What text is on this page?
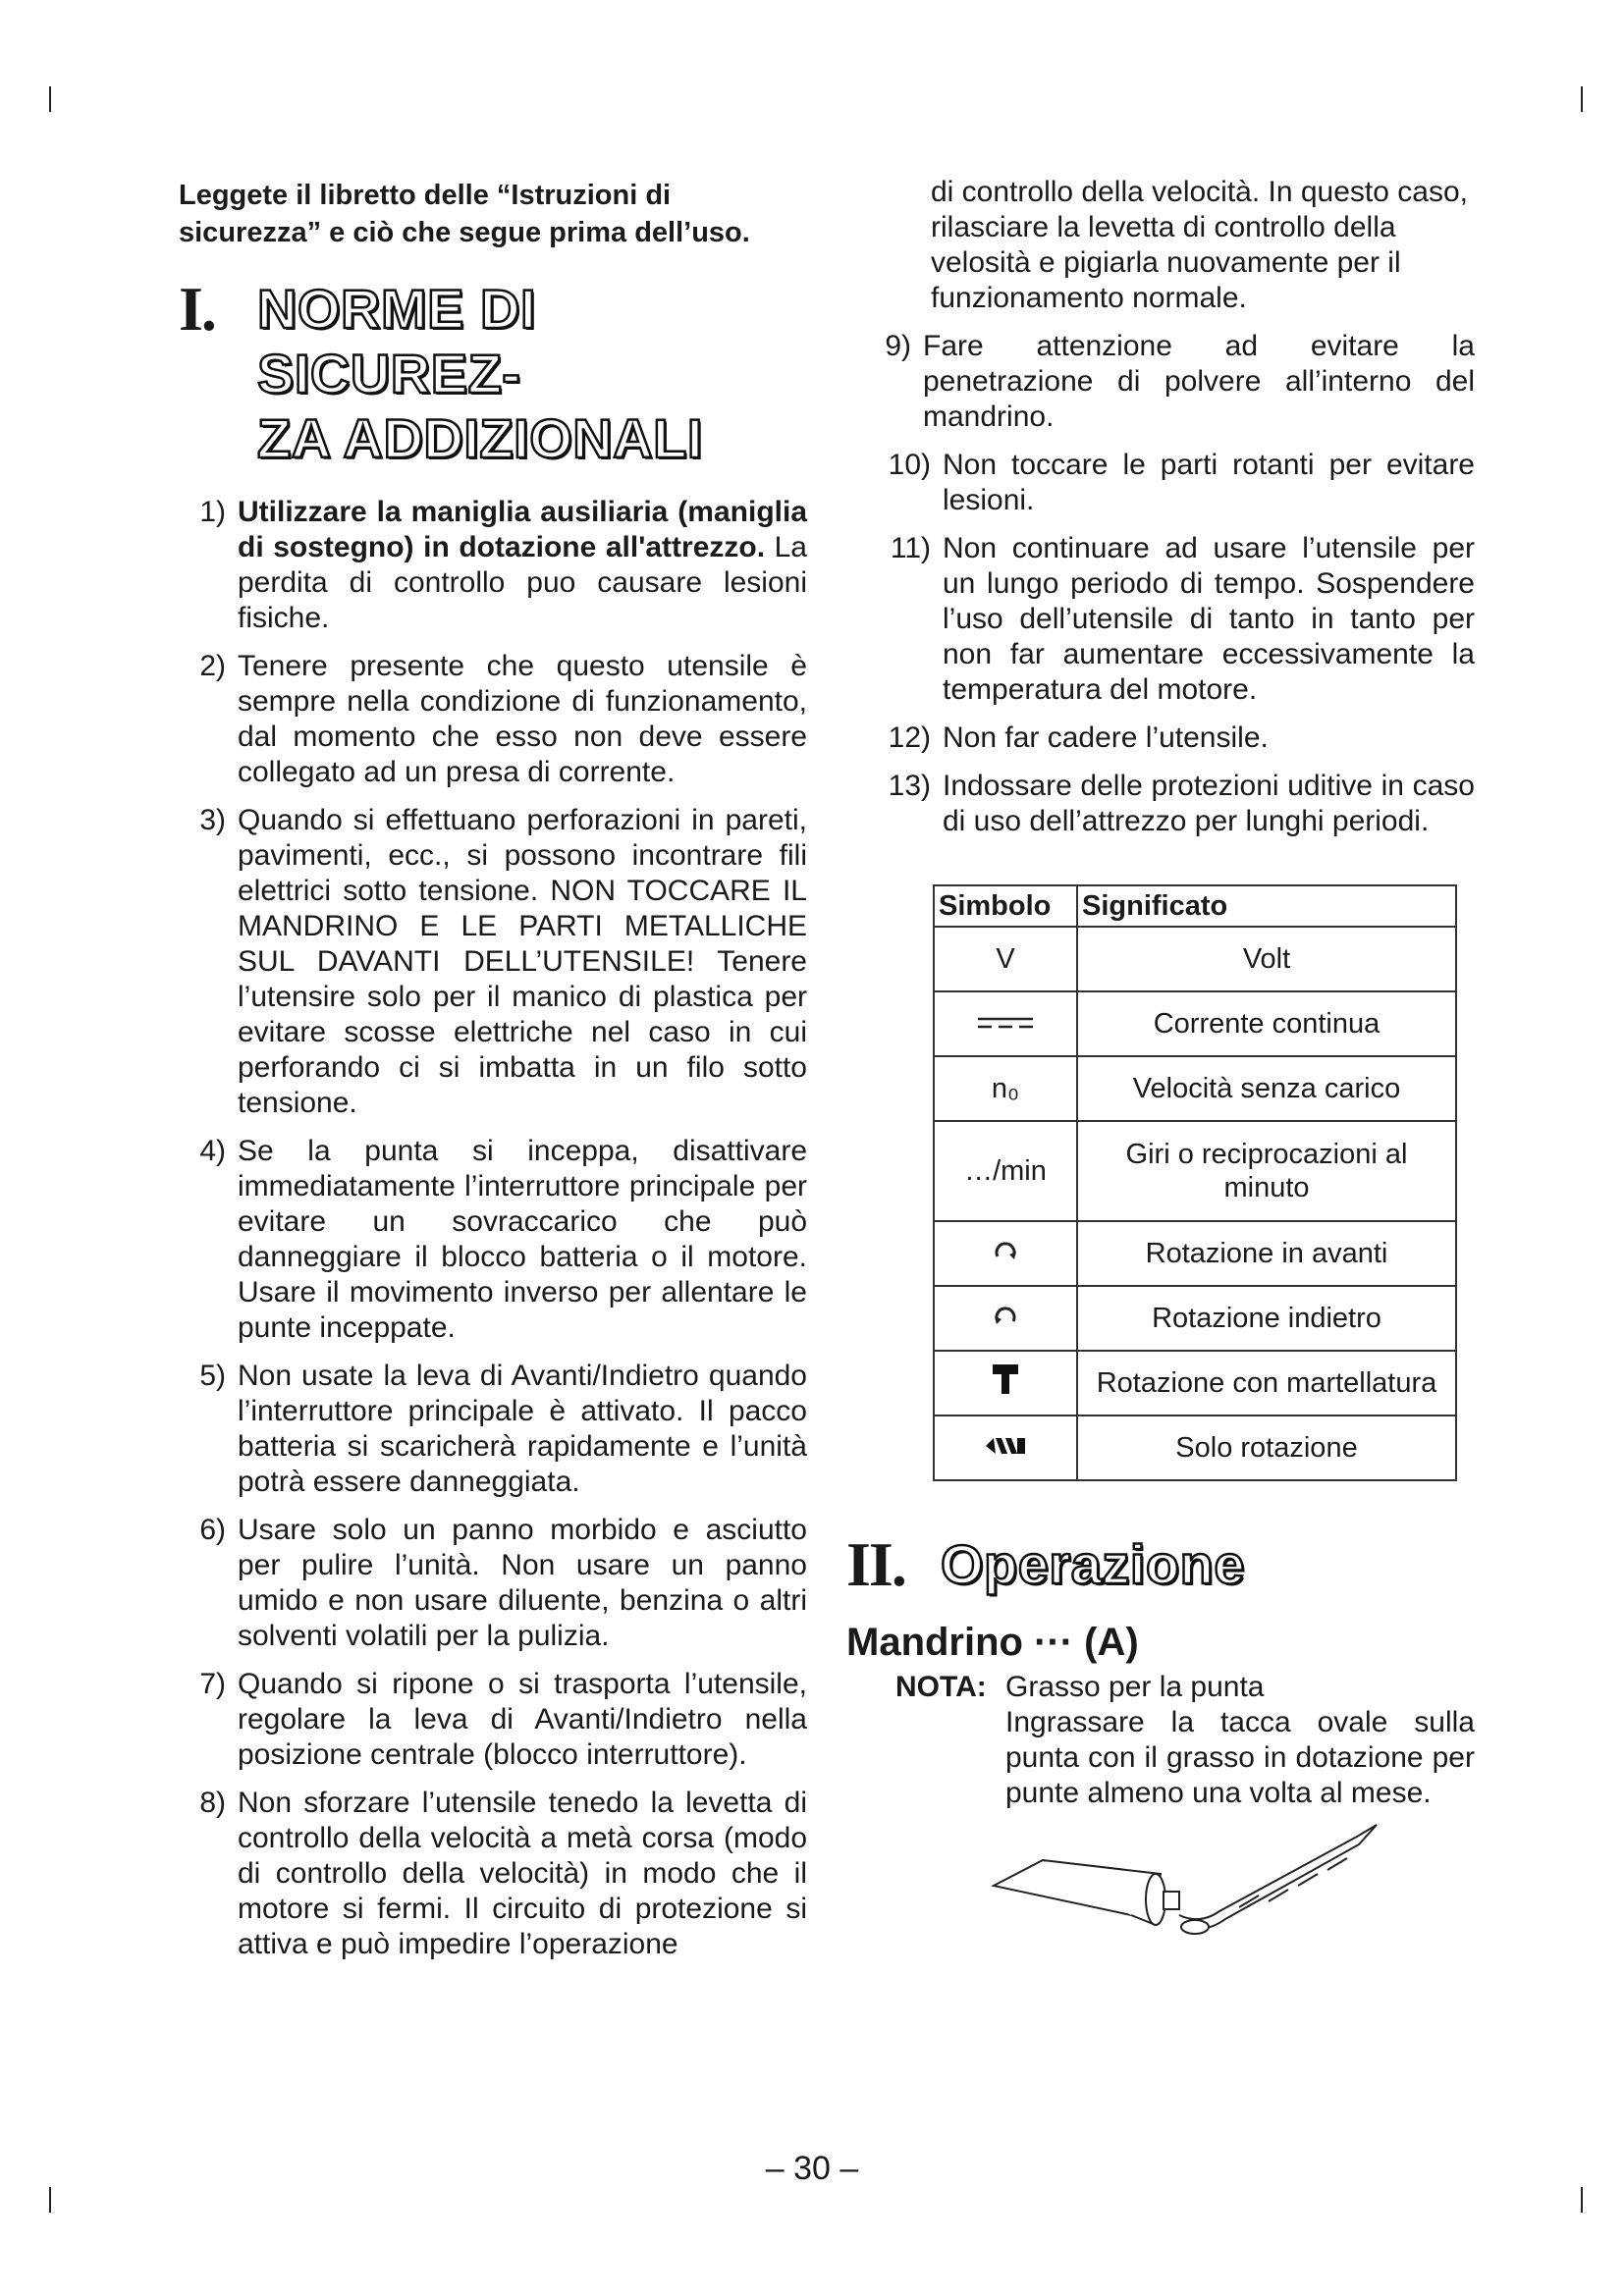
Leggete il libretto delle “Istruzioni di sicurezza” e ciò che segue prima dell’uso.

I. NORME DI SICUREZ-
ZA ADDIZIONALI
1) Utilizzare la maniglia ausiliaria (maniglia di sostegno) in dotazione all'attrezzo. La perdita di controllo puo causare lesioni fisiche.
2) Tenere presente che questo utensile è sempre nella condizione di funzionamento, dal momento che esso non deve essere collegato ad un presa di corrente.
3) Quando si effettuano perforazioni in pareti, pavimenti, ecc., si possono incontrare fili elettrici sotto tensione. NON TOCCARE IL MANDRINO E LE PARTI METALLICHE SUL DAVANTI DELL’UTENSILE! Tenere l’utensire solo per il manico di plastica per evitare scosse elettriche nel caso in cui perforando ci si imbatta in un filo sotto tensione.
4) Se la punta si inceppa, disattivare immediatamente l’interruttore principale per evitare un sovraccarico che può danneggiare il blocco batteria o il motore. Usare il movimento inverso per allentare le punte inceppate.
5) Non usate la leva di Avanti/Indietro quando l’interruttore principale è attivato. Il pacco batteria si scaricherà rapidamente e l’unità potrà essere danneggiata.
6) Usare solo un panno morbido e asciutto per pulire l’unità. Non usare un panno umido e non usare diluente, benzina o altri solventi volatili per la pulizia.
7) Quando si ripone o si trasporta l’utensile, regolare la leva di Avanti/Indietro nella posizione centrale (blocco interruttore).
8) Non sforzare l’utensile tenedo la levetta di controllo della velocità a metà corsa (modo di controllo della velocità) in modo che il motore si fermi. Il circuito di protezione si attiva e può impedire l’operazione

di controllo della velocità. In questo caso, rilasciare la levetta di controllo della velosità e pigiarla nuovamente per il funzionamento normale.

9) Fare attenzione ad evitare la penetrazione di polvere all’interno del mandrino.
10) Non toccare le parti rotanti per evitare lesioni.
11) Non continuare ad usare l’utensile per un lungo periodo di tempo. Sospendere l’uso dell’utensile di tanto in tanto per non far aumentare eccessivamente la temperatura del motore.
12) Non far cadere l’utensile.
13) Indossare delle protezioni uditive in caso di uso dell’attrezzo per lunghi periodi.
Simbolo	Significato
V	Volt
	Corrente continua
n₀	Velocità senza carico
…/min	Giri o reciprocazioni al minuto
	Rotazione in avanti
	Rotazione indietro
	Rotazione con martellatura
	Solo rotazione
II. Operazione
Mandrino ··· (A)
NOTA: Grasso per la punta
Ingrassare la tacca ovale sulla punta con il grasso in dotazione per punte almeno una volta al mese.
– 30 –
